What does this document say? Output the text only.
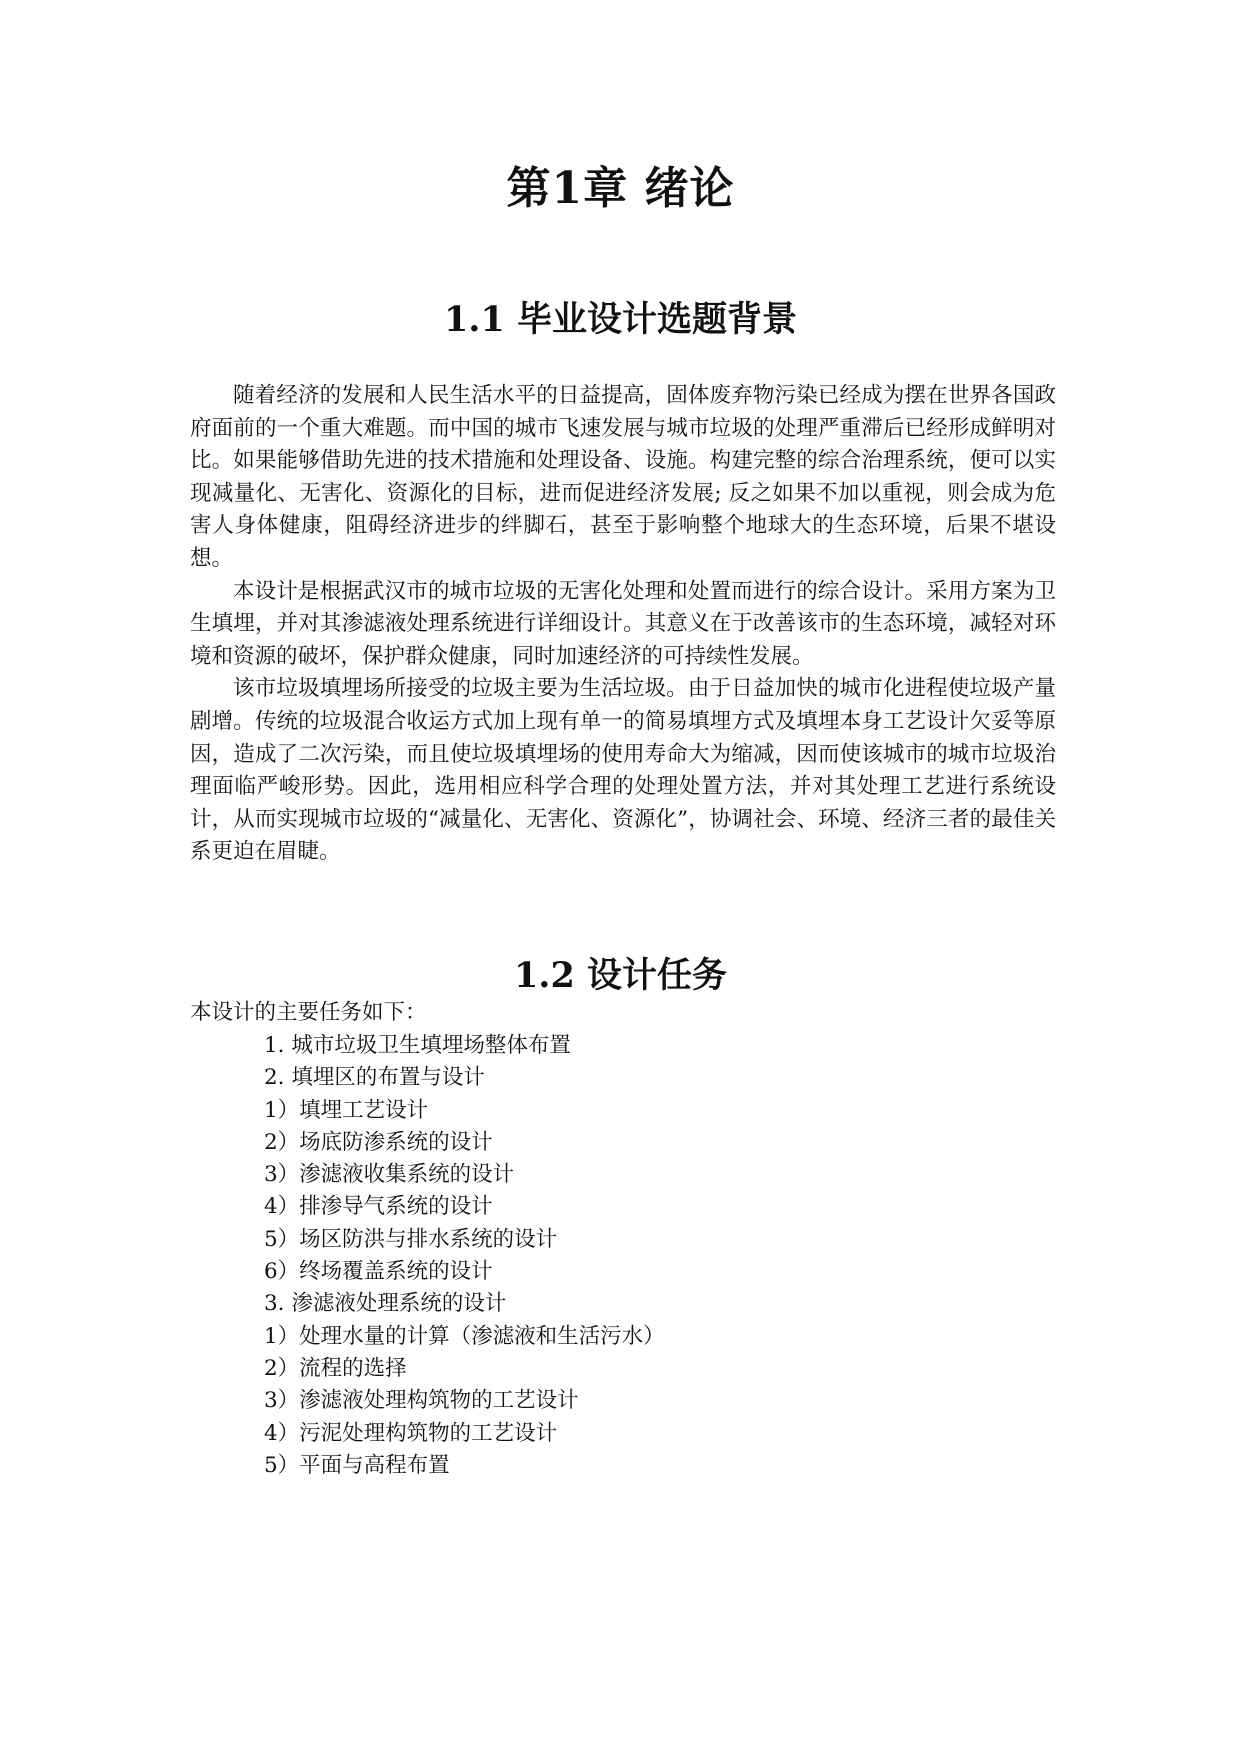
第1章 绪论
1.1 毕业设计选题背景

随着经济的发展和人民生活水平的日益提高，固体废弃物污染已经成为摆在世界各国政府面前的一个重大难题。而中国的城市飞速发展与城市垃圾的处理严重滞后已经形成鲜明对比。如果能够借助先进的技术措施和处理设备、设施。构建完整的综合治理系统，便可以实现减量化、无害化、资源化的目标，进而促进经济发展; 反之如果不加以重视，则会成为危害人身体健康，阻碍经济进步的绊脚石，甚至于影响整个地球大的生态环境，后果不堪设想。

本设计是根据武汉市的城市垃圾的无害化处理和处置而进行的综合设计。采用方案为卫生填埋，并对其渗滤液处理系统进行详细设计。其意义在于改善该市的生态环境，减轻对环境和资源的破坏，保护群众健康，同时加速经济的可持续性发展。

该市垃圾填埋场所接受的垃圾主要为生活垃圾。由于日益加快的城市化进程使垃圾产量剧增。传统的垃圾混合收运方式加上现有单一的简易填埋方式及填埋本身工艺设计欠妥等原因，造成了二次污染，而且使垃圾填埋场的使用寿命大为缩减，因而使该城市的城市垃圾治理面临严峻形势。因此，选用相应科学合理的处理处置方法，并对其处理工艺进行系统设计，从而实现城市垃圾的“减量化、无害化、资源化”，协调社会、环境、经济三者的最佳关系更迫在眉睫。

1.2 设计任务

本设计的主要任务如下：

1. 城市垃圾卫生填埋场整体布置
2. 填埋区的布置与设计
1）填埋工艺设计
2）场底防渗系统的设计
3）渗滤液收集系统的设计
4）排渗导气系统的设计
5）场区防洪与排水系统的设计
6）终场覆盖系统的设计
3. 渗滤液处理系统的设计
1）处理水量的计算（渗滤液和生活污水）
2）流程的选择
3）渗滤液处理构筑物的工艺设计
4）污泥处理构筑物的工艺设计
5）平面与高程布置
